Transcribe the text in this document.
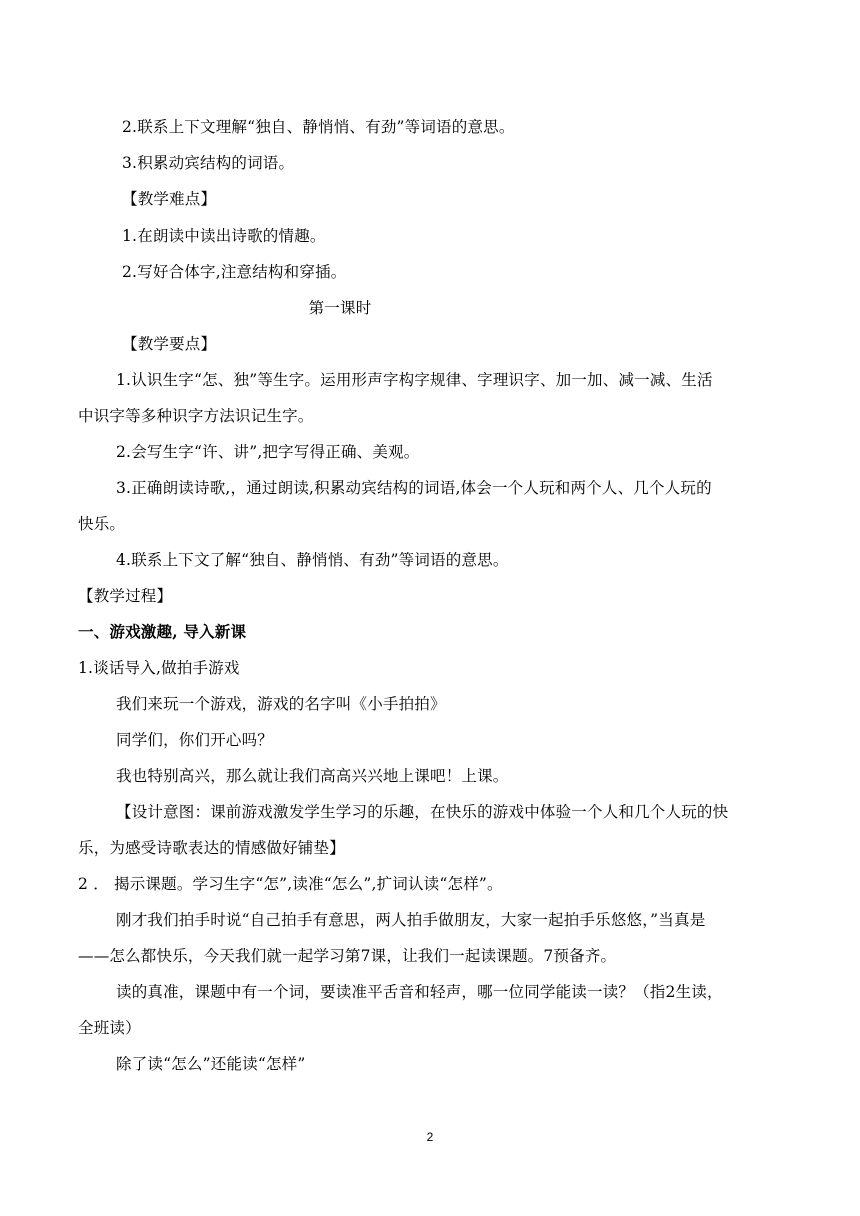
2.联系上下文理解“独自、静悄悄、有劲”等词语的意思。
3.积累动宾结构的词语。
【教学难点】
1.在朗读中读出诗歌的情趣。
2.写好合体字,注意结构和穿插。
第一课时
【教学要点】
1.认识生字“怎、独”等生字。运用形声字构字规律、字理识字、加一加、减一减、生活
中识字等多种识字方法识记生字。
2.会写生字“许、讲”,把字写得正确、美观。
3.正确朗读诗歌,，通过朗读,积累动宾结构的词语,体会一个人玩和两个人、几个人玩的
快乐。
4.联系上下文了解“独自、静悄悄、有劲”等词语的意思。
【教学过程】
一、游戏激趣, 导入新课
1.谈话导入,做拍手游戏
我们来玩一个游戏，游戏的名字叫《小手拍拍》
同学们，你们开心吗？
我也特别高兴，那么就让我们高高兴兴地上课吧！上课。
【设计意图：课前游戏激发学生学习的乐趣，在快乐的游戏中体验一个人和几个人玩的快
乐，为感受诗歌表达的情感做好铺垫】
2 ． 揭示课题。学习生字“怎”,读准“怎么”,扩词认读“怎样”。
刚才我们拍手时说“自己拍手有意思，两人拍手做朋友，大家一起拍手乐悠悠，”当真是
——怎么都快乐，今天我们就一起学习第7课，让我们一起读课题。7预备齐。
读的真准，课题中有一个词，要读准平舌音和轻声，哪一位同学能读一读？（指2生读，
全班读）
除了读“怎么”还能读“怎样”
2
